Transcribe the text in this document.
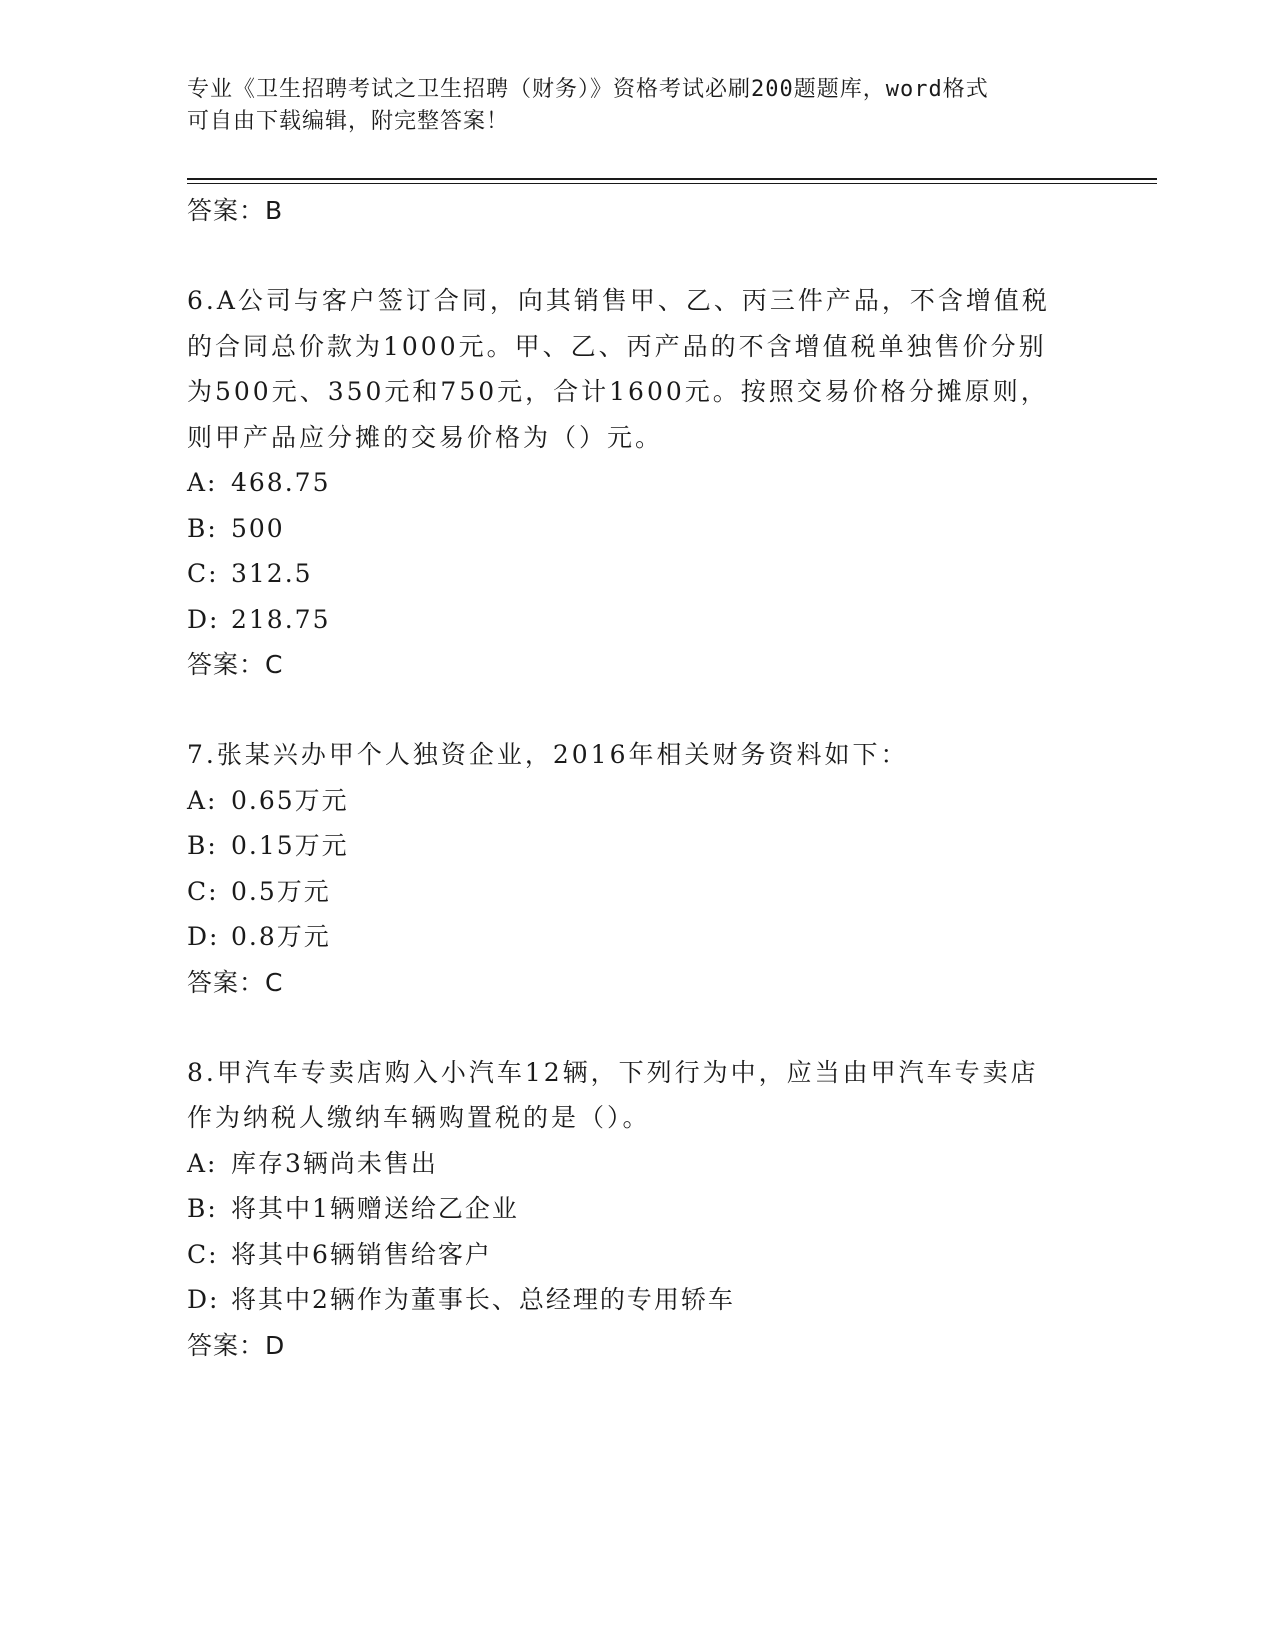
专业《卫生招聘考试之卫生招聘（财务）》资格考试必刷200题题库，word格式
可自由下载编辑，附完整答案！
答案：B
6.A公司与客户签订合同，向其销售甲、乙、丙三件产品，不含增值税
的合同总价款为1000元。甲、乙、丙产品的不含增值税单独售价分别
为500元、350元和750元，合计1600元。按照交易价格分摊原则，
则甲产品应分摊的交易价格为（）元。
A: 468.75
B: 500
C: 312.5
D: 218.75
答案：C
7.张某兴办甲个人独资企业，2016年相关财务资料如下：
A: 0.65万元
B: 0.15万元
C: 0.5万元
D: 0.8万元
答案：C
8.甲汽车专卖店购入小汽车12辆，下列行为中，应当由甲汽车专卖店
作为纳税人缴纳车辆购置税的是（）。
A: 库存3辆尚未售出
B: 将其中1辆赠送给乙企业
C: 将其中6辆销售给客户
D: 将其中2辆作为董事长、总经理的专用轿车
答案：D
